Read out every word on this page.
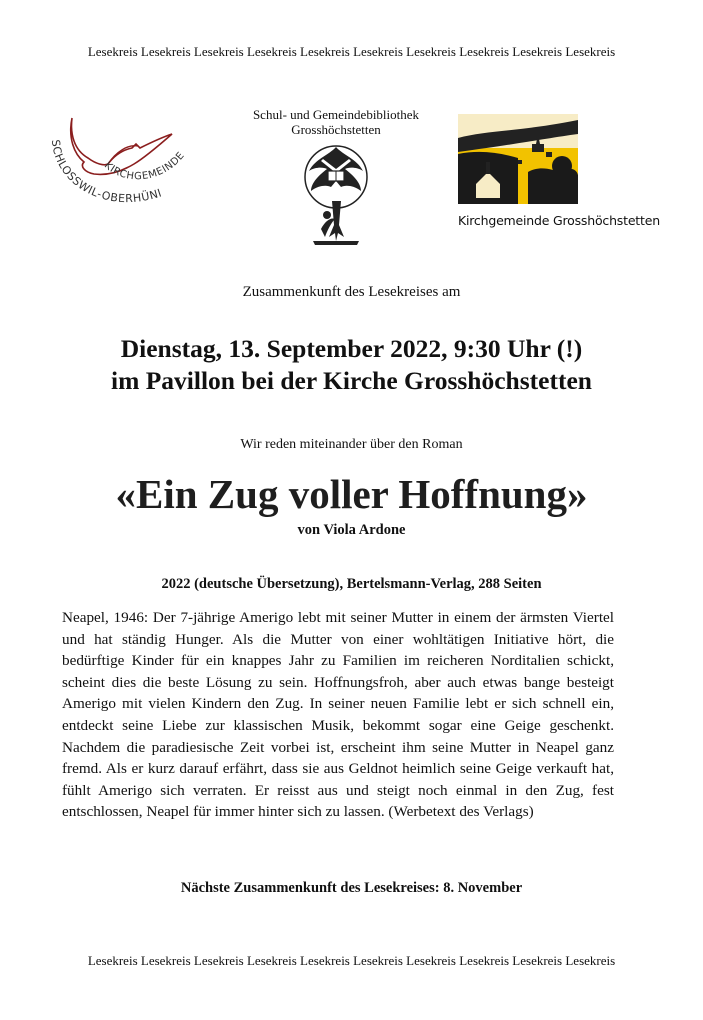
Lesekreis Lesekreis Lesekreis Lesekreis Lesekreis Lesekreis Lesekreis Lesekreis Lesekreis Lesekreis
SCHLOSSWIL-OBERHÜNI
KIRCHGEMEINDE
Schul- und Gemeindebibliothek
Grosshöchstetten
Kirchgemeinde Grosshöchstetten
Zusammenkunft des Lesekreises am
Dienstag, 13. September 2022, 9:30 Uhr (!)
im Pavillon bei der Kirche Grosshöchstetten
Wir reden miteinander über den Roman
«Ein Zug voller Hoffnung»
von Viola Ardone
2022 (deutsche Übersetzung), Bertelsmann-Verlag, 288 Seiten
Neapel, 1946: Der 7-jährige Amerigo lebt mit seiner Mutter in einem der ärmsten Viertel und hat ständig Hunger. Als die Mutter von einer wohltätigen Initiative hört, die bedürftige Kinder für ein knappes Jahr zu Familien im reicheren Norditalien schickt, scheint dies die beste Lösung zu sein. Hoffnungsfroh, aber auch etwas bange besteigt Amerigo mit vielen Kindern den Zug. In seiner neuen Familie lebt er sich schnell ein, entdeckt seine Liebe zur klassischen Musik, bekommt sogar eine Geige geschenkt. Nachdem die paradiesische Zeit vorbei ist, erscheint ihm seine Mutter in Neapel ganz fremd. Als er kurz darauf erfährt, dass sie aus Geldnot heimlich seine Geige verkauft hat, fühlt Amerigo sich verraten. Er reisst aus und steigt noch einmal in den Zug, fest entschlossen, Neapel für immer hinter sich zu lassen. (Werbetext des Verlags)
Nächste Zusammenkunft des Lesekreises: 8. November
Lesekreis Lesekreis Lesekreis Lesekreis Lesekreis Lesekreis Lesekreis Lesekreis Lesekreis Lesekreis
